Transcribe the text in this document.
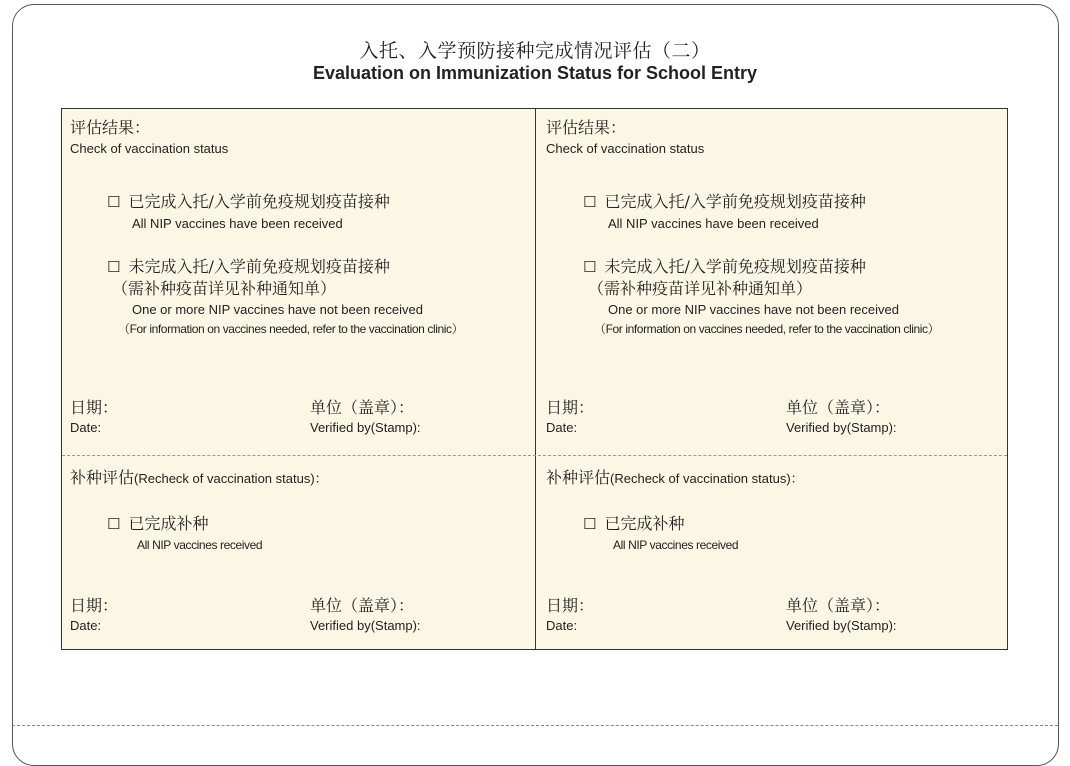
入托、入学预防接种完成情况评估（二）
Evaluation on Immunization Status for School Entry
评估结果：
Check of vaccination status
☐ 已完成入托/入学前免疫规划疫苗接种
All NIP vaccines have been received
☐ 未完成入托/入学前免疫规划疫苗接种
（需补种疫苗详见补种通知单）
One or more NIP vaccines have not been received
（For information on vaccines needed, refer to the vaccination clinic）
日期：
Date:
单位（盖章）：
Verified by(Stamp):
补种评估(Recheck of vaccination status)：
☐ 已完成补种
All NIP vaccines received
日期：
Date:
单位（盖章）：
Verified by(Stamp):
评估结果：
Check of vaccination status
☐ 已完成入托/入学前免疫规划疫苗接种
All NIP vaccines have been received
☐ 未完成入托/入学前免疫规划疫苗接种
（需补种疫苗详见补种通知单）
One or more NIP vaccines have not been received
（For information on vaccines needed, refer to the vaccination clinic）
日期：
Date:
单位（盖章）：
Verified by(Stamp):
补种评估(Recheck of vaccination status)：
☐ 已完成补种
All NIP vaccines received
日期：
Date:
单位（盖章）：
Verified by(Stamp):
